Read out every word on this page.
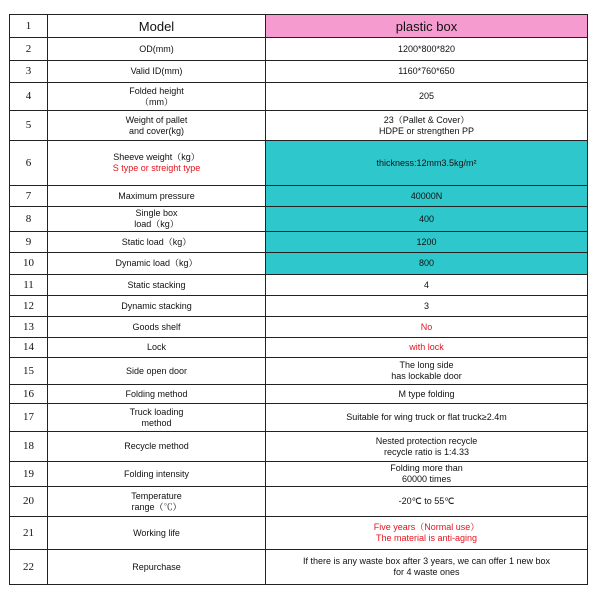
1	Model	plastic box
2	OD(mm)	1200*800*820

3	Valid ID(mm)	1160*760*650

4	Folded height
（mm）	205

5	Weight of pallet
and cover(kg)	23（Pallet & Cover）
HDPE or strengthen PP

6	Sheeve weight（kg）
S type or streight type	thickness:12mm3.5kg/m²

7	Maximum pressure	40000N

8	Single box
load（kg）	400

9	Static load（kg）	1200

10	Dynamic load（kg）	800

11	Static stacking	4

12	Dynamic stacking	3

13	Goods shelf	No

14	Lock	with lock

15	Side open door	The long side
has lockable door

16	Folding method	M type folding

17	Truck loading
method	Suitable for wing truck or flat truck≥2.4m

18	Recycle method	Nested protection recycle
recycle ratio is 1:4.33

19	Folding intensity	Folding more than
60000 times

20	Temperature
range（℃）	-20℃ to 55℃

21	Working life	Five years（Normal use）
The material is anti-aging

22	Repurchase	If there is any waste box after 3 years, we can offer 1 new box
for 4 waste ones
